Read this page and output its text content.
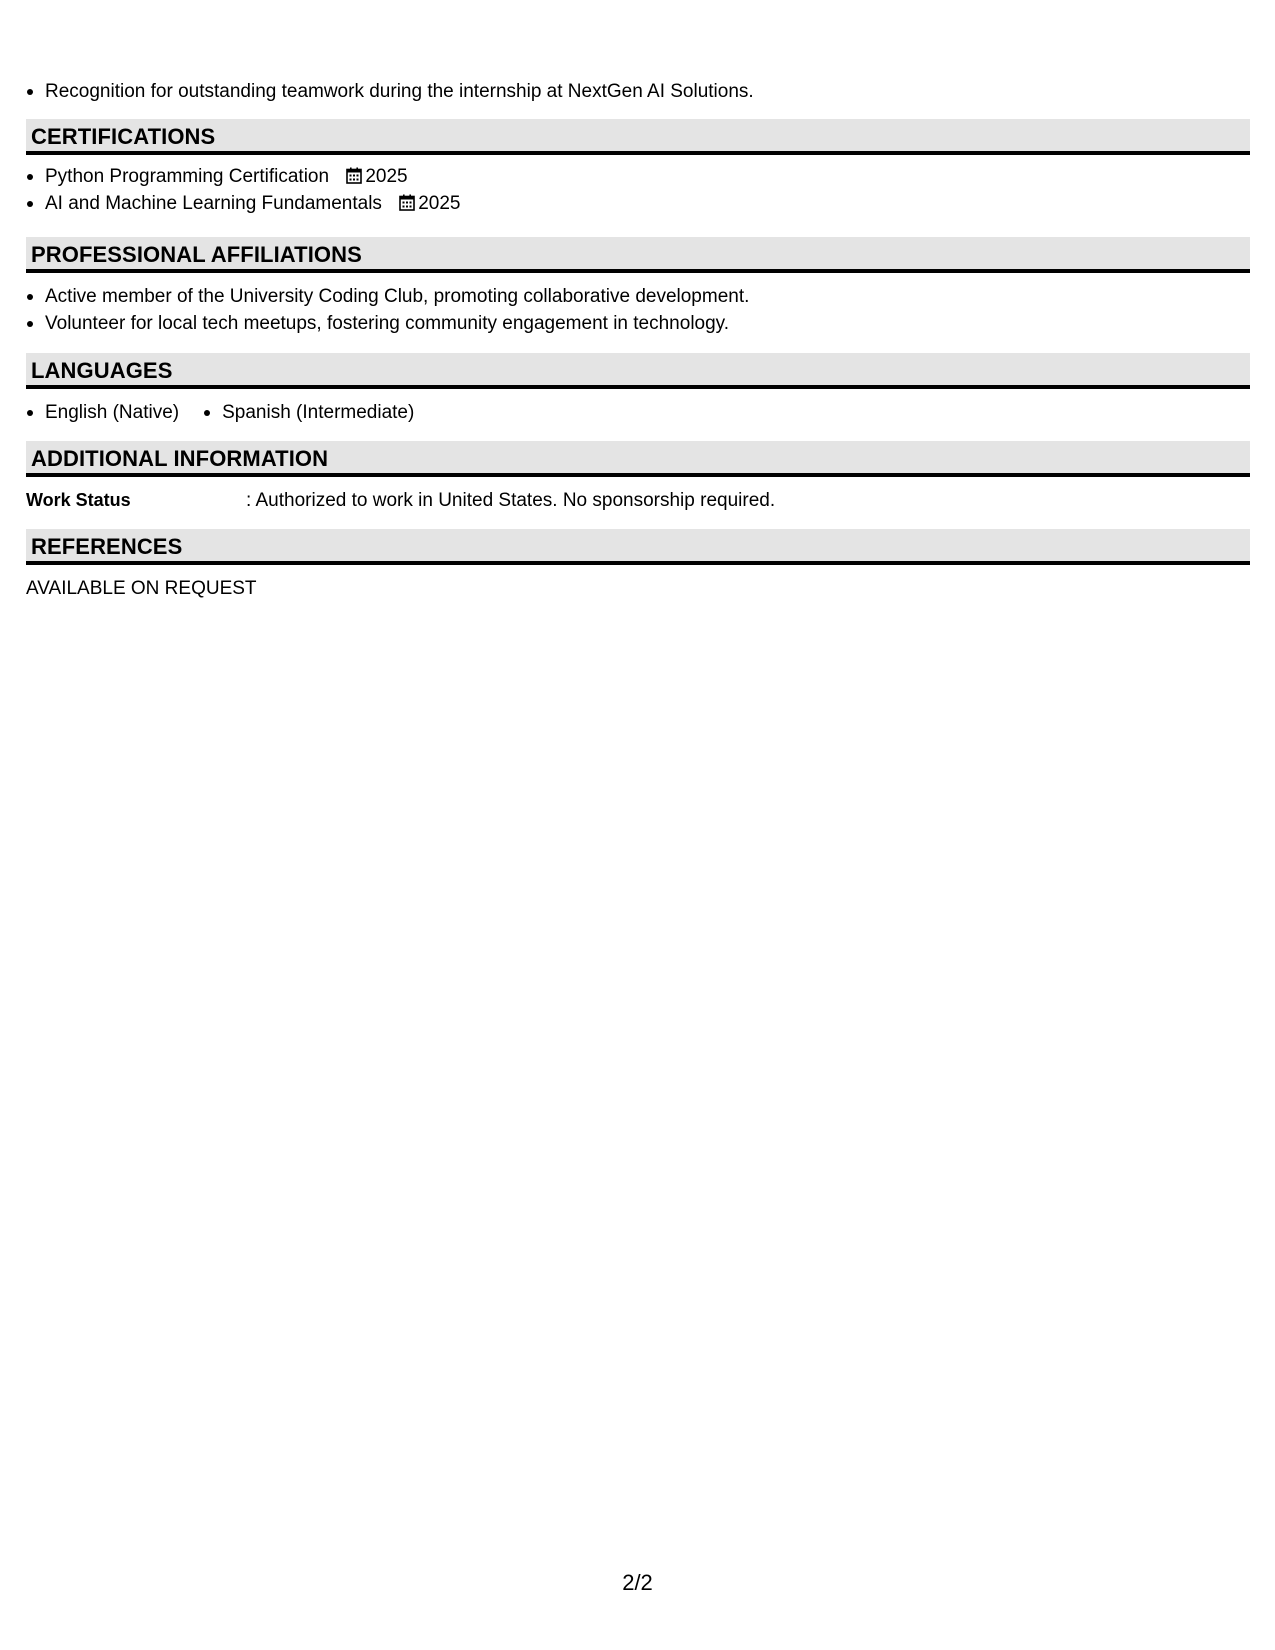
Recognition for outstanding teamwork during the internship at NextGen AI Solutions.
CERTIFICATIONS
Python Programming Certification 2025
AI and Machine Learning Fundamentals 2025
PROFESSIONAL AFFILIATIONS
Active member of the University Coding Club, promoting collaborative development.
Volunteer for local tech meetups, fostering community engagement in technology.
LANGUAGES
English (Native)	Spanish (Intermediate)
ADDITIONAL INFORMATION
Work Status	: Authorized to work in United States. No sponsorship required.
REFERENCES
AVAILABLE ON REQUEST
2/2
